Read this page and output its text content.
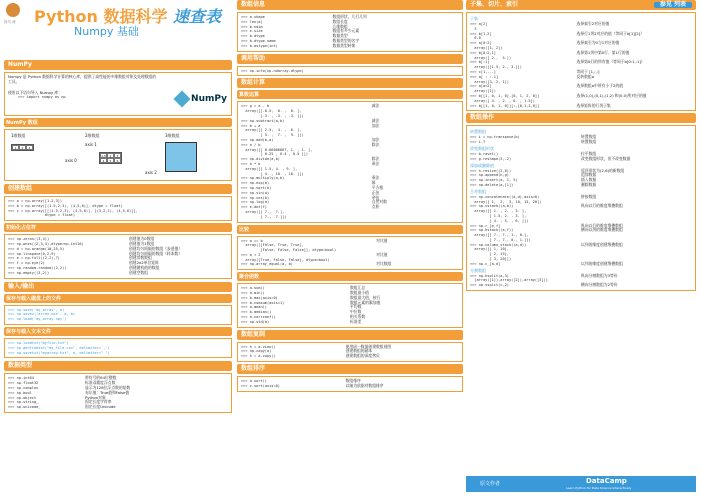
探马 涛 Python 数据科学 速查表
Numpy 基础
NumPy
Numpy 是 Python 数据科学计算的核心库，提供了高性能的多维数组对象及处理数组的工具。
使用以下语句导入 Numpy 库：
>>> import numpy as np	NumPy
NumPy 数组
1维数组	2维数组	3维数组
1	2	3
axis 0
axis 1
1.5	2	3
4	5	6
axis 2
创建数组
>>> a = np.array([1,2,3])
>>> b = np.array([(1.5,2,3), (4,5,6)], dtype = float)
>>> c = np.array([[(1.5,2,3), (4,5,6)], [(3,2,1), (4,5,6)]],
dtype = float)
初始化占位符
>>> np.zeros((3,4))	创建值为0数组
>>> np.ones((2,3,4),dtype=np.int16)	创建值为1数组
>>> d = np.arange(10,25,5)	创建均匀间隔的数组（步进值）
>>> np.linspace(0,2,9)	创建均匀间隔的数组（样本数）
>>> e = np.full((2,2),7)	创建常数数组
>>> f = np.eye(2)	创建2x2单位矩阵
>>> np.random.random((2,2))	创建随机值的数组
>>> np.empty((3,2))	创建空数组
输入/输出
保存与载入磁盘上的文件
>>> np.save('my_array', a)
>>> np.savez('array.npz', a, b)
>>> np.load('my_array.npy')
保存与载入文本文件
>>> np.loadtxt("myfile.txt")
>>> np.genfromtxt("my_file.csv", delimiter=',')
>>> np.savetxt("myarray.txt", a, delimiter=" ")
数据类型
>>> np.int64	带符号的64位整数
>>> np.float32	标准双精度浮点数
>>> np.complex	显示为128位浮点数的复数
>>> np.bool	布尔值：True值和False值
>>> np.object	Python对象
>>> np.string_	固定长度字符串
>>> np.unicode_	固定长度Unicode
数组信息
>>> a.shape	数组形状，几行几列
>>> len(a)	数组长度
>>> b.ndim	几维数组
>>> e.size	数组有多少元素
>>> b.dtype	数据类型
>>> b.dtype.name	数据类型的名字
>>> b.astype(int)	数据类型转换
调用帮助
>>> np.info(np.ndarray.dtype)
数组计算
算数运算
>>> g = a - b
array([[-0.5,  0. ,  0. ],
[-3. , -3. , -3. ]])
减法
>>> np.subtract(a,b)	减法
>>> b + a
array([[ 2.5,  4. ,  6. ],
[ 5. ,  7. ,  9. ]])
加法
>>> np.add(b,a)	加法
>>> a / b
array([[ 0.66666667, 1. , 1. ],
[ 0.25 , 0.4 , 0.5 ]])
除法
>>> np.divide(a,b)	除法
>>> a * b
array([[ 1.5, 4. , 9. ],
[ 4. , 10. , 18. ]])
乘法
>>> np.multiply(a,b)	乘法
>>> np.exp(b)	幂
>>> np.sqrt(b)	平方根
>>> np.sin(a)	正弦
>>> np.cos(b)	余弦
>>> np.log(a)	自然对数
>>> e.dot(f)
array([[ 7.,  7.],
[ 7.,  7.]])
点积
比较
>>> a == b
array([[False, True, True],
[False, False, False]], dtype=bool)
对比值
>>> a < 2
array([True, False, False], dtype=bool)
对比值
>>> np.array_equal(a, b)	对比数组
聚合函数
>>> a.sum()	数组汇总
>>> a.min()	数组最小值
>>> b.max(axis=0)	数组最大值，按行
>>> b.cumsum(axis=1)	数组元素的累加值
>>> a.mean()	平均数
>>> b.median()	中位数
>>> a.corrcoef()	相关系数
>>> np.std(b)	标准差
数组复制
>>> h = a.view()	使用同一数据创建数组视图
>>> np.copy(a)	创建数组的副本
>>> h = a.copy()	创建数组的深度拷贝
数组排序
>>> a.sort()	数组排序
>>> c.sort(axis=0)	以轴为依据对数组排序
子集、切片、索引	参见 列表
子集
>>> a[2]
3
选择索引2对应的值
>>> b[1,2]
6.0
选择行1列2对应的值（等同于b[1][2]）
>>> a[0:2]
array([1, 2])
选择索引为0与1对应的值
>>> b[0:2,1]
array([ 2.,  5.])
选择第1列中第0行、第1行的值
>>> b[:1]
array([[1.5, 2., 3.]])
选择第0行的所有值（等同于b[0:1,:1]）
>>> c[1,...]	等同于 [1,:,:]
>>> a[ : :-1]
array([3, 2, 1])
反转数组a
>>> a[a<2]
array([1])
选择数组a中所有小于2的值
>>> b[[1, 0, 1, 0],[0, 1, 2, 0]]
array([ 4. , 2. , 6. , 1.5])
选择(1,0),(0,1),(1,2) 和(0,0)所对应的值
>>> b[[1, 0, 1, 0]][:,[0,1,2,0]]	选择矩阵的行列子集
数组操作
转置数组
>>> i = np.transpose(b)	转置数组
>>> i.T	转置数组
改变数组形状
>>> b.ravel()	拉平数组
>>> g.reshape(3,-2)	改变数组形状，但不改变数据
添加或删除值
>>> h.resize((2,6))	返回形状为(2,6)的新数组
>>> np.append(h,g)	追加数据
>>> np.insert(a, 1, 5)	插入数据
>>> np.delete(a,[1])	删除数据
合并数组
>>> np.concatenate((a,d),axis=0)
array([ 1,  2,  3, 10, 15, 20])
拼接数组
>>> np.vstack((a,b))
array([[ 1. , 2. , 3. ],
[ 1.5, 2. , 3. ],
[ 4. , 5. , 6. ]])
纵向以行的维度堆叠数组
>>> np.r_[e,f]	纵向以行的维度堆叠数组
>>> np.hstack((e,f))
array([[ 7., 7., 1., 0.],
[ 7., 7., 0., 1.]])
横向以列的维度堆叠数组
>>> np.column_stack((a,d))
array([[ 1, 10],
[ 2, 15],
[ 3, 20]])
以列的维度创建堆叠数组
>>> np.c_[a,d]	以列的维度创建堆叠数组
分割数组
>>> np.hsplit(a,3)
[array([1]),array([2]),array([3])]
纵向分割数组为3等份
>>> np.vsplit(c,2)	横向分割数组为2等份
原文作者	DataCamp
Learn Python for Data Science Interactively
